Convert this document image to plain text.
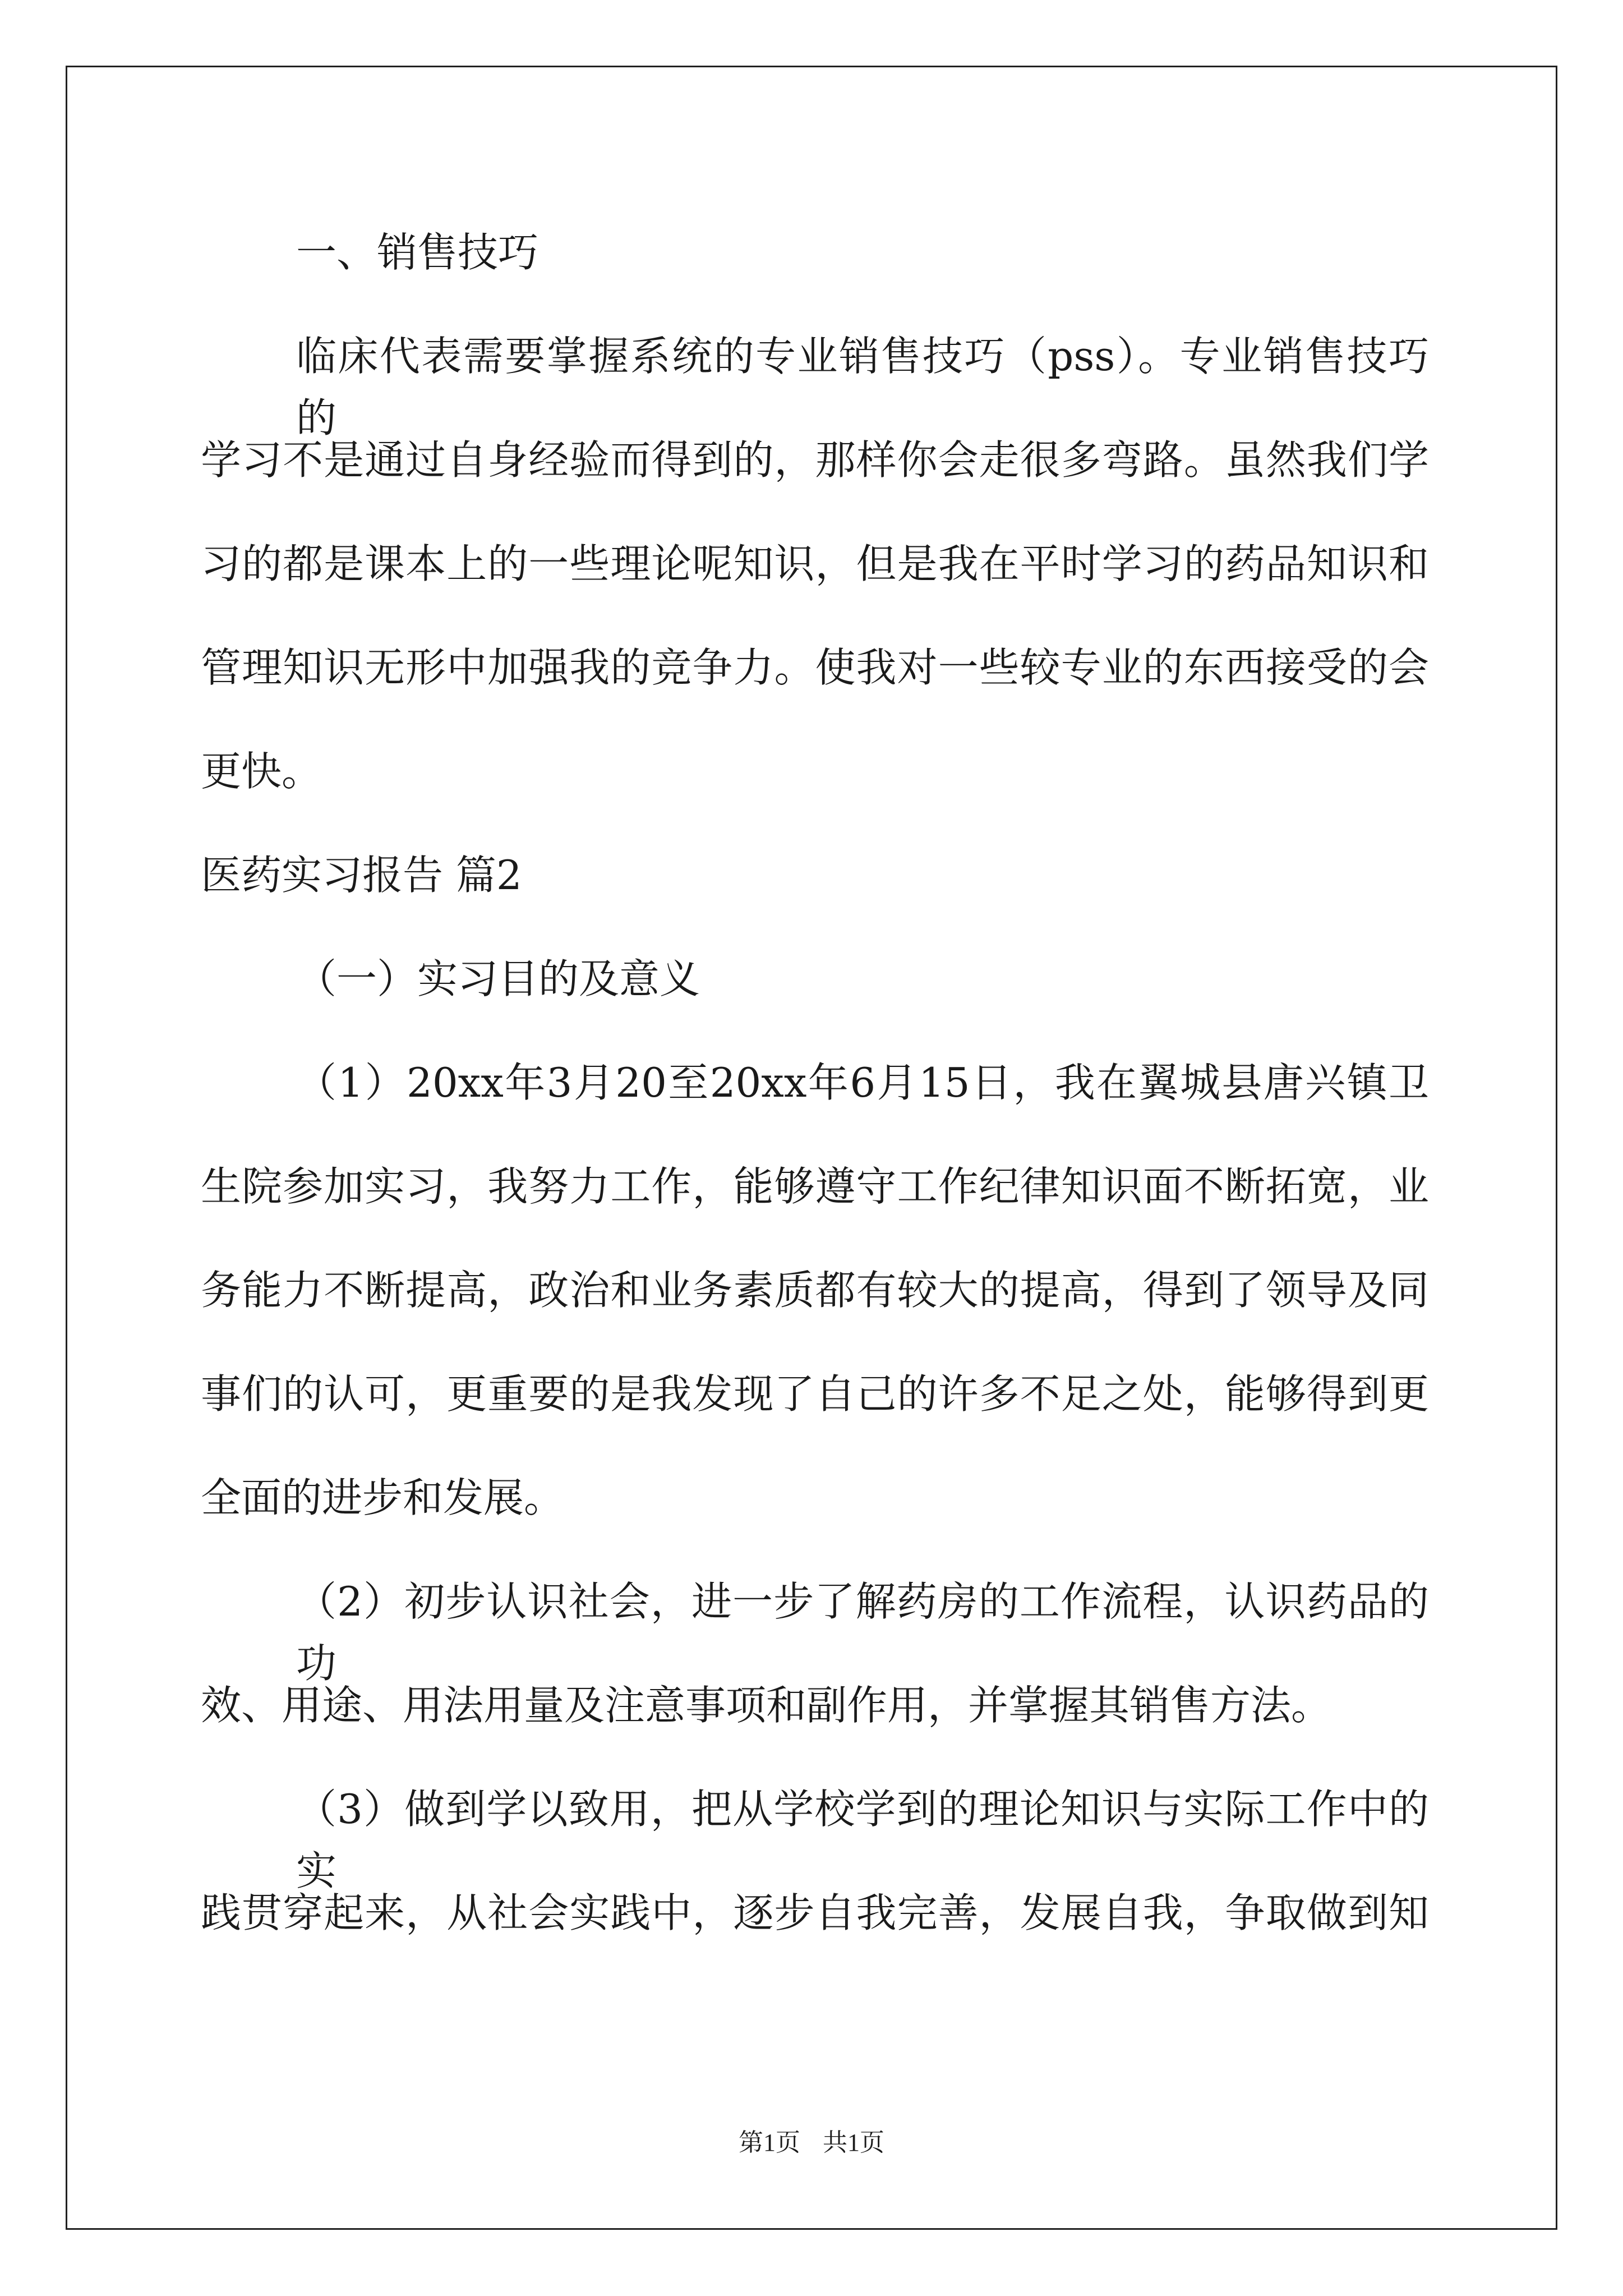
一、销售技巧
临床代表需要掌握系统的专业销售技巧（pss）。专业销售技巧的
学习不是通过自身经验而得到的，那样你会走很多弯路。虽然我们学
习的都是课本上的一些理论呢知识，但是我在平时学习的药品知识和
管理知识无形中加强我的竞争力。使我对一些较专业的东西接受的会
更快。
医药实习报告 篇2
（一）实习目的及意义
（1）20xx年3月20至20xx年6月15日，我在翼城县唐兴镇卫
生院参加实习，我努力工作，能够遵守工作纪律知识面不断拓宽，业
务能力不断提高，政治和业务素质都有较大的提高，得到了领导及同
事们的认可，更重要的是我发现了自己的许多不足之处，能够得到更
全面的进步和发展。
（2）初步认识社会，进一步了解药房的工作流程，认识药品的功
效、用途、用法用量及注意事项和副作用，并掌握其销售方法。
（3）做到学以致用，把从学校学到的理论知识与实际工作中的实
践贯穿起来，从社会实践中，逐步自我完善，发展自我，争取做到知
第1页 共1页
